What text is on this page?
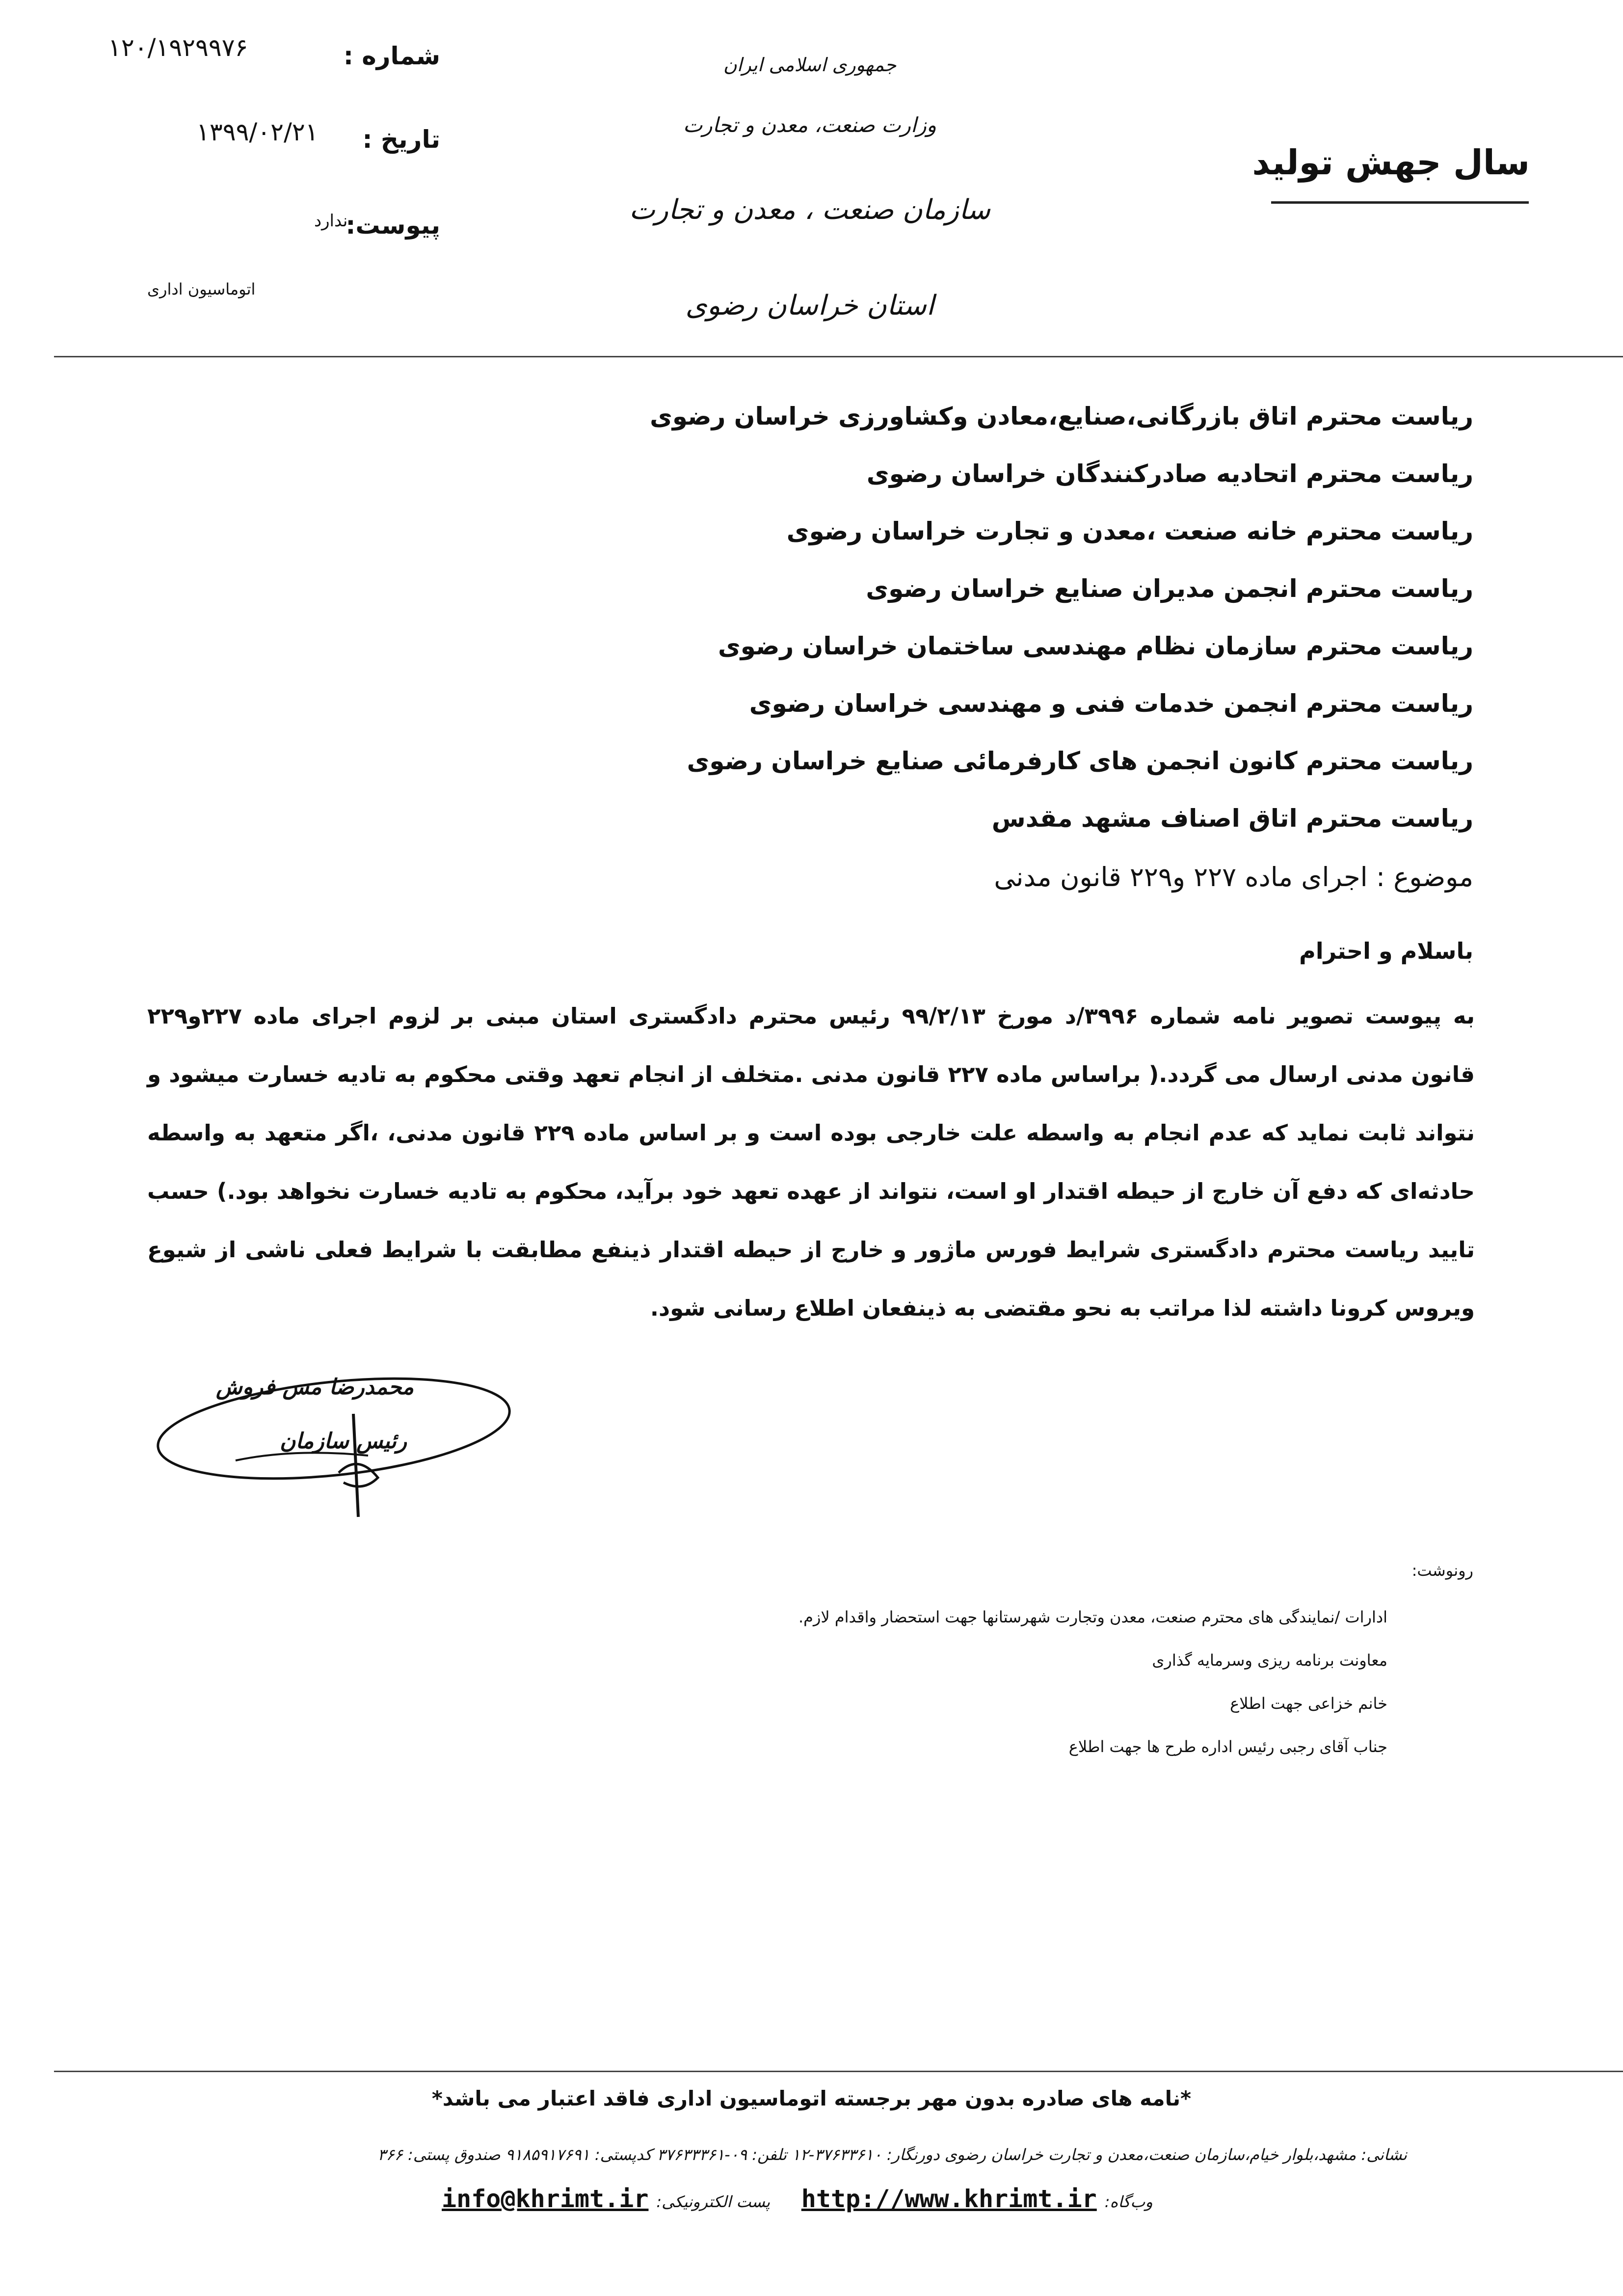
شماره :
۱۲۰/۱۹۲۹۹۷۶
تاریخ :
۱۳۹۹/۰۲/۲۱
پیوست:
ندارد
اتوماسیون اداری
جمهوری اسلامی ایران
وزارت صنعت، معدن و تجارت
سازمان صنعت ، معدن و تجارت
استان خراسان رضوی
سال جهش تولید
ریاست محترم اتاق بازرگانی،صنایع،معادن وکشاورزی خراسان رضوی
ریاست محترم اتحادیه صادرکنندگان خراسان رضوی
ریاست محترم خانه صنعت ،معدن و تجارت خراسان رضوی
ریاست محترم انجمن مدیران صنایع خراسان رضوی
ریاست محترم سازمان نظام مهندسی ساختمان خراسان رضوی
ریاست محترم انجمن خدمات فنی و مهندسی خراسان رضوی
ریاست محترم کانون انجمن های کارفرمائی صنایع خراسان رضوی
ریاست محترم اتاق اصناف مشهد مقدس
موضوع : اجرای ماده ۲۲۷ و۲۲۹ قانون مدنی
باسلام و احترام
به پیوست تصویر نامه شماره ۳۹۹۶/د مورخ ۹۹/۲/۱۳ رئیس محترم دادگستری استان مبنی بر لزوم اجرای ماده ۲۲۷و۲۲۹ قانون مدنی ارسال می گردد.( براساس ماده ۲۲۷ قانون مدنی .متخلف از انجام تعهد وقتی محکوم به تادیه خسارت میشود و نتواند ثابت نماید که عدم انجام به واسطه علت خارجی بوده است و بر اساس ماده ۲۲۹ قانون مدنی، ،اگر متعهد به واسطه حادثه‌ای که دفع آن خارج از حیطه اقتدار او است، نتواند از عهده تعهد خود برآید، محکوم به تادیه خسارت نخواهد بود.) حسب تایید ریاست محترم دادگستری شرایط فورس ماژور و خارج از حیطه اقتدار ذینفع مطابقت با شرایط فعلی ناشی از شیوع ویروس کرونا داشته لذا مراتب به نحو مقتضی به ذینفعان اطلاع رسانی شود.
محمدرضا مس فروش
رئیس سازمان
رونوشت:
ادارات /نمایندگی های محترم صنعت، معدن وتجارت شهرستانها جهت استحضار واقدام لازم.
معاونت برنامه ریزی وسرمایه گذاری
خانم خزاعی جهت اطلاع
جناب آقای رجبی رئیس اداره طرح ها جهت اطلاع
*نامه های صادره بدون مهر برجسته اتوماسیون اداری فاقد اعتبار می باشد*
نشانی: مشهد،بلوار خیام،سازمان صنعت،معدن و تجارت خراسان رضوی دورنگار: ۳۷۶۳۳۶۱۰-۱۲ تلفن: ۰۹-۳۷۶۳۳۳۶۱ کدپستی: ۹۱۸۵۹۱۷۶۹۱ صندوق پستی: ۳۶۶
وب‌گاه: http://www.khrimt.ir    پست الکترونیکی: info@khrimt.ir
